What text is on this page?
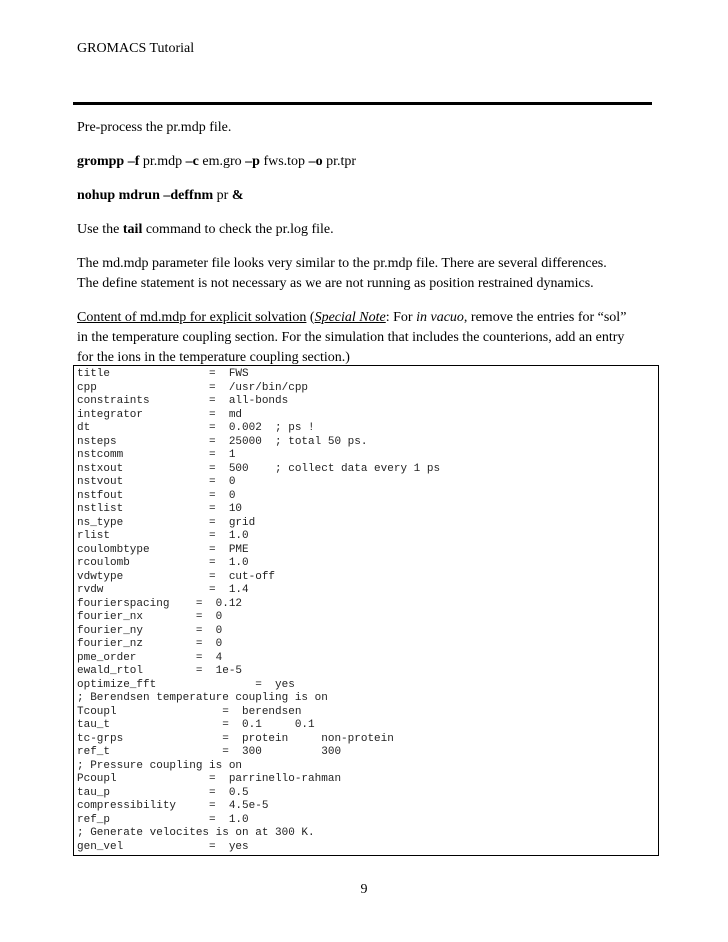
GROMACS Tutorial

Pre-process the pr.mdp file.

grompp –f pr.mdp –c em.gro –p fws.top –o pr.tpr

nohup mdrun –deffnm pr &

Use the tail command to check the pr.log file.

The md.mdp parameter file looks very similar to the pr.mdp file. There are several differences.
The define statement is not necessary as we are not running as position restrained dynamics.

Content of md.mdp for explicit solvation (Special Note: For in vacuo, remove the entries for “sol”
in the temperature coupling section. For the simulation that includes the counterions, add an entry
for the ions in the temperature coupling section.)

title               =  FWS
cpp                 =  /usr/bin/cpp
constraints         =  all-bonds
integrator          =  md
dt                  =  0.002  ; ps !
nsteps              =  25000  ; total 50 ps.
nstcomm             =  1
nstxout             =  500    ; collect data every 1 ps
nstvout             =  0
nstfout             =  0
nstlist             =  10
ns_type             =  grid
rlist               =  1.0
coulombtype         =  PME
rcoulomb            =  1.0
vdwtype             =  cut-off
rvdw                =  1.4
fourierspacing    =  0.12
fourier_nx        =  0
fourier_ny        =  0
fourier_nz        =  0
pme_order         =  4
ewald_rtol        =  1e-5
optimize_fft               =  yes
; Berendsen temperature coupling is on
Tcoupl                =  berendsen
tau_t                 =  0.1     0.1
tc-grps               =  protein     non-protein
ref_t                 =  300         300
; Pressure coupling is on
Pcoupl              =  parrinello-rahman
tau_p               =  0.5
compressibility     =  4.5e-5
ref_p               =  1.0
; Generate velocites is on at 300 K.
gen_vel             =  yes
9
